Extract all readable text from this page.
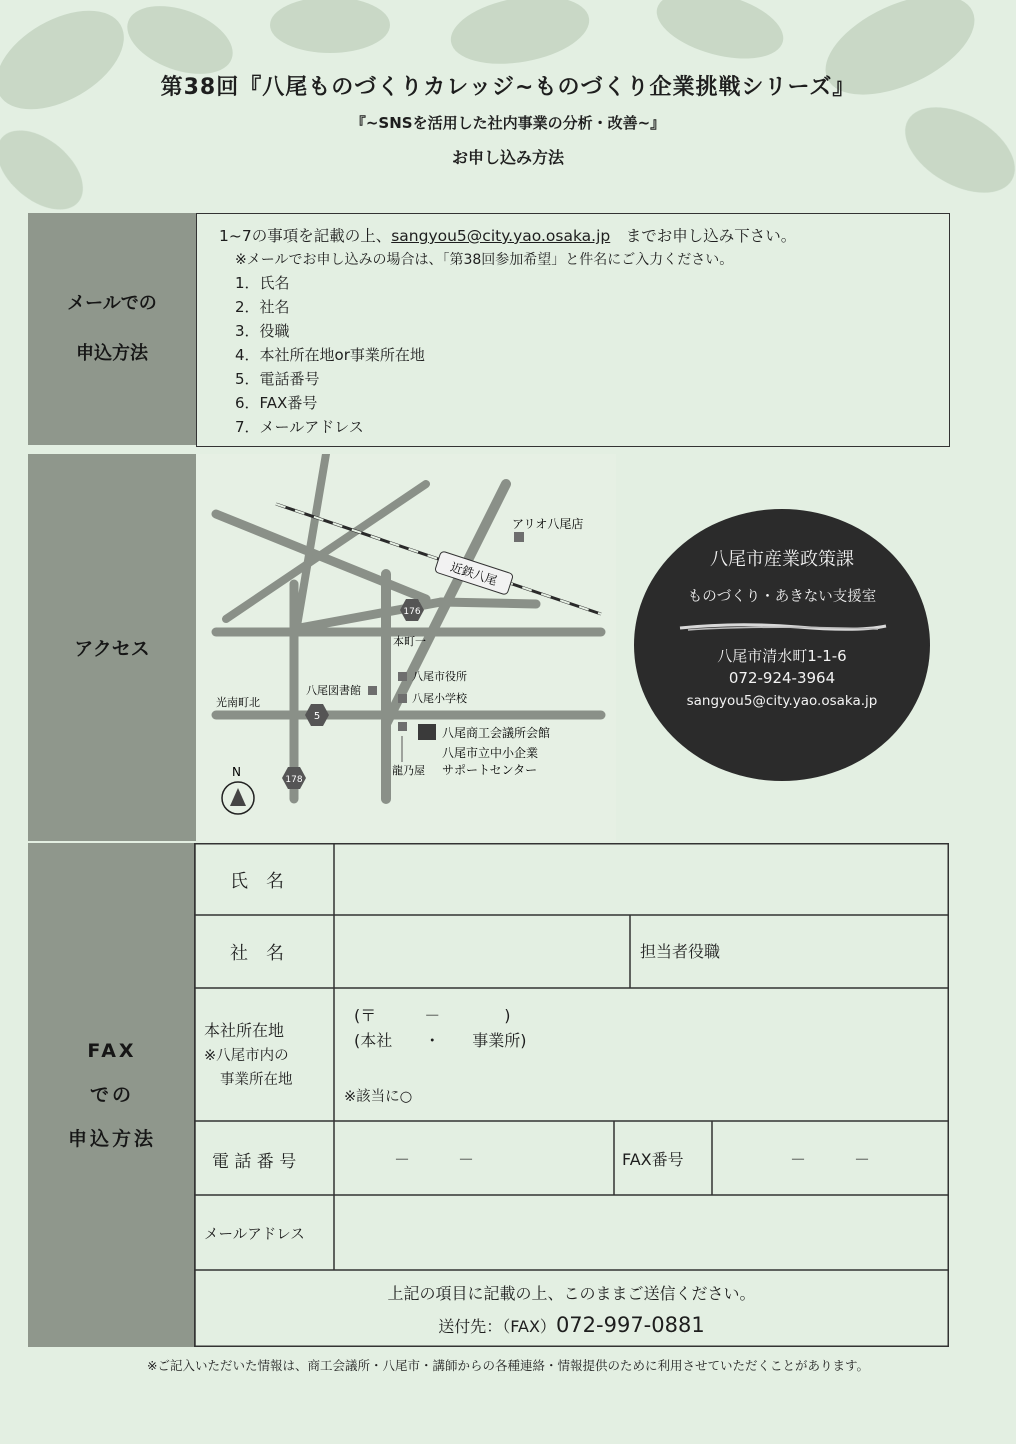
第38回『八尾ものづくりカレッジ~ものづくり企業挑戦シリーズ』
『~SNSを活用した社内事業の分析・改善~』
お申し込み方法
メールでの
申込方法
1~7の事項を記載の上、sangyou5@city.yao.osaka.jp　 までお申し込み下さい。
※メールでお申し込みの場合は、「第38回参加希望」と件名にご入力ください。
1．氏名
2．社名
3．役職
4．本社所在地or事業所在地
5．電話番号
6．FAX番号
7．メールアドレス
アクセス
近鉄八尾
アリオ八尾店
本町一
八尾市役所
八尾小学校
八尾図書館
光南町北
八尾商工会議所会館
八尾市立中小企業
サポートセンター
龍乃屋
176
5
178
N
八尾市産業政策課
ものづくり・あきない支援室
八尾市清水町1-1-6
072-924-3964
sangyou5@city.yao.osaka.jp
FAX
での
申込方法
氏　名
社　名	担当者役職
本社所在地
※八尾市内の
事業所在地
(〒　　　－　　　　)
(本社　　・　　事業所)
※該当に○
電 話 番 号	－　　　－	FAX番号	－　　　－
メールアドレス
上記の項目に記載の上、このままご送信ください。
送付先：（FAX）072-997-0881
※ご記入いただいた情報は、商工会議所・八尾市・講師からの各種連絡・情報提供のために利用させていただくことがあります。
